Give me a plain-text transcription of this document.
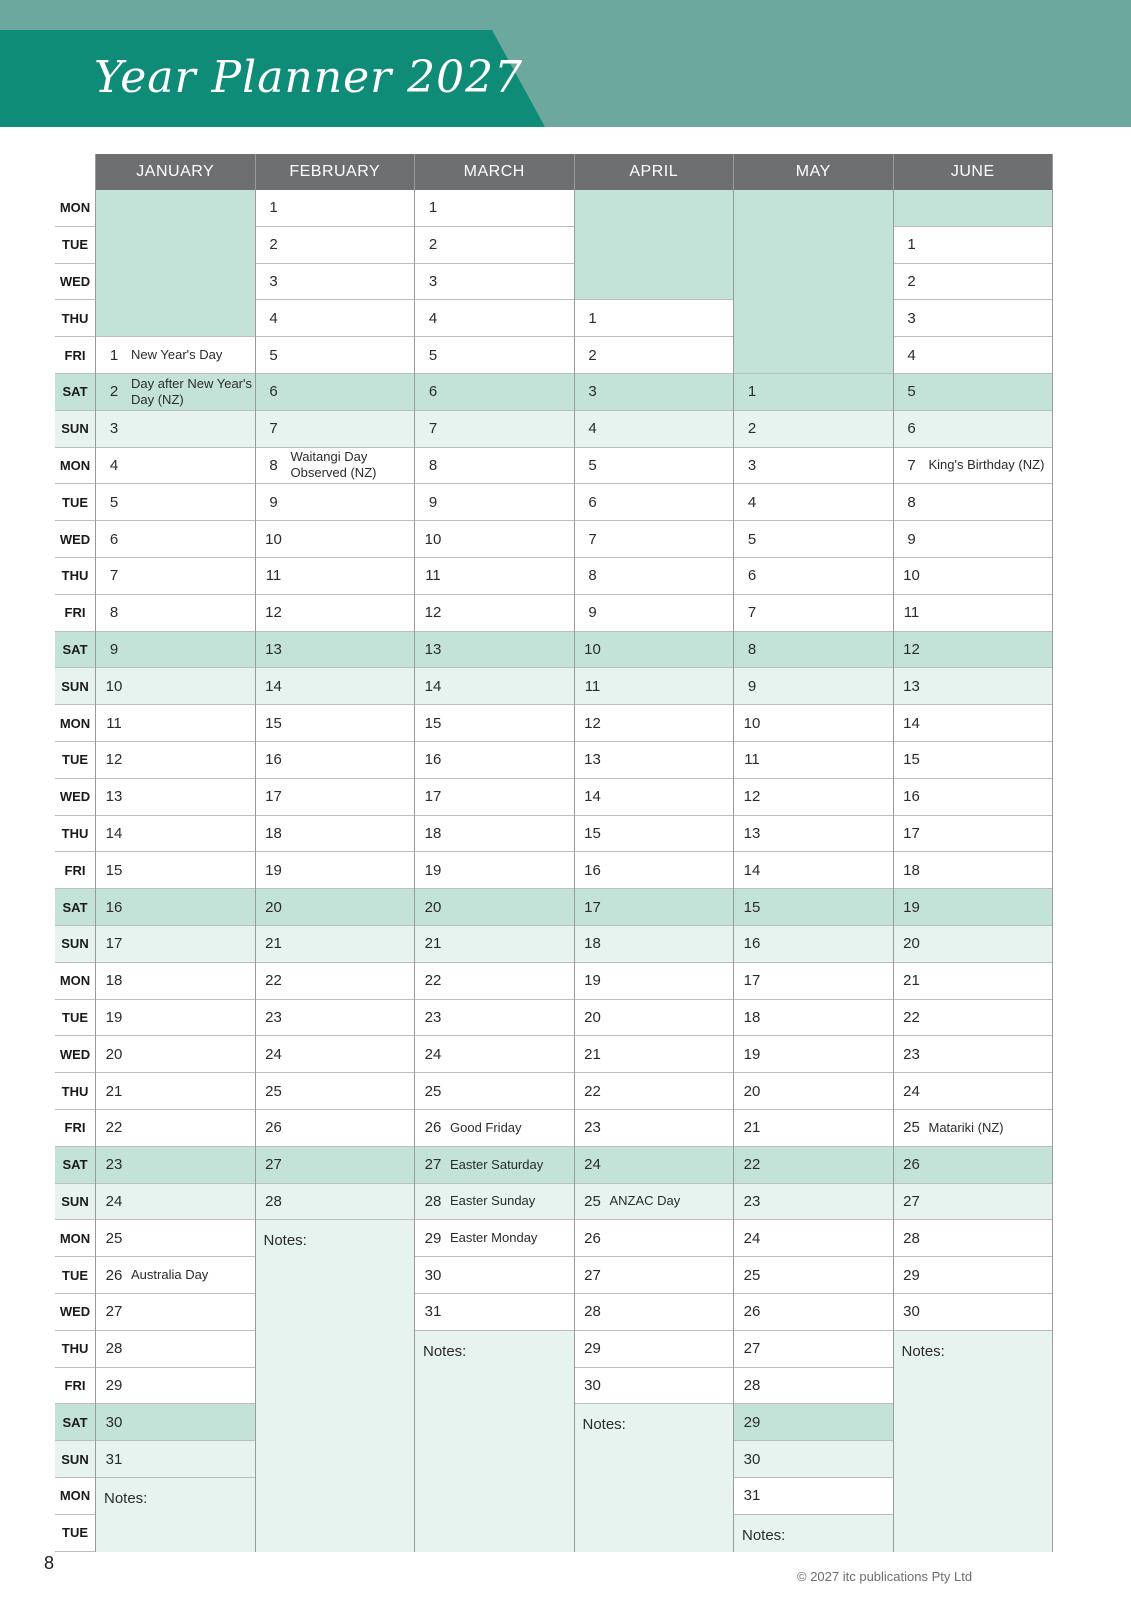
Year Planner 2027
MON
TUE
WED
THU
FRI
SAT
SUN
MON
TUE
WED
THU
FRI
SAT
SUN
MON
TUE
WED
THU
FRI
SAT
SUN
MON
TUE
WED
THU
FRI
SAT
SUN
MON
TUE
WED
THU
FRI
SAT
SUN
MON
TUE
JANUARY
1 New Year's Day
2 Day after New Year's Day (NZ)
3
4
5
6
7
8
9
10
11
12
13
14
15
16
17
18
19
20
21
22
23
24
25
26 Australia Day
27
28
29
30
31
Notes:
FEBRUARY
1
2
3
4
5
6
7
8 Waitangi Day Observed (NZ)
9
10
11
12
13
14
15
16
17
18
19
20
21
22
23
24
25
26
27
28
Notes:
MARCH
1
2
3
4
5
6
7
8
9
10
11
12
13
14
15
16
17
18
19
20
21
22
23
24
25
26 Good Friday
27 Easter Saturday
28 Easter Sunday
29 Easter Monday
30
31
Notes:
APRIL
1
2
3
4
5
6
7
8
9
10
11
12
13
14
15
16
17
18
19
20
21
22
23
24
25 ANZAC Day
26
27
28
29
30
Notes:
MAY
1
2
3
4
5
6
7
8
9
10
11
12
13
14
15
16
17
18
19
20
21
22
23
24
25
26
27
28
29
30
31
Notes:
JUNE
1
2
3
4
5
6
7 King's Birthday (NZ)
8
9
10
11
12
13
14
15
16
17
18
19
20
21
22
23
24
25 Matariki (NZ)
26
27
28
29
30
Notes:
8
© 2027 itc publications Pty Ltd
